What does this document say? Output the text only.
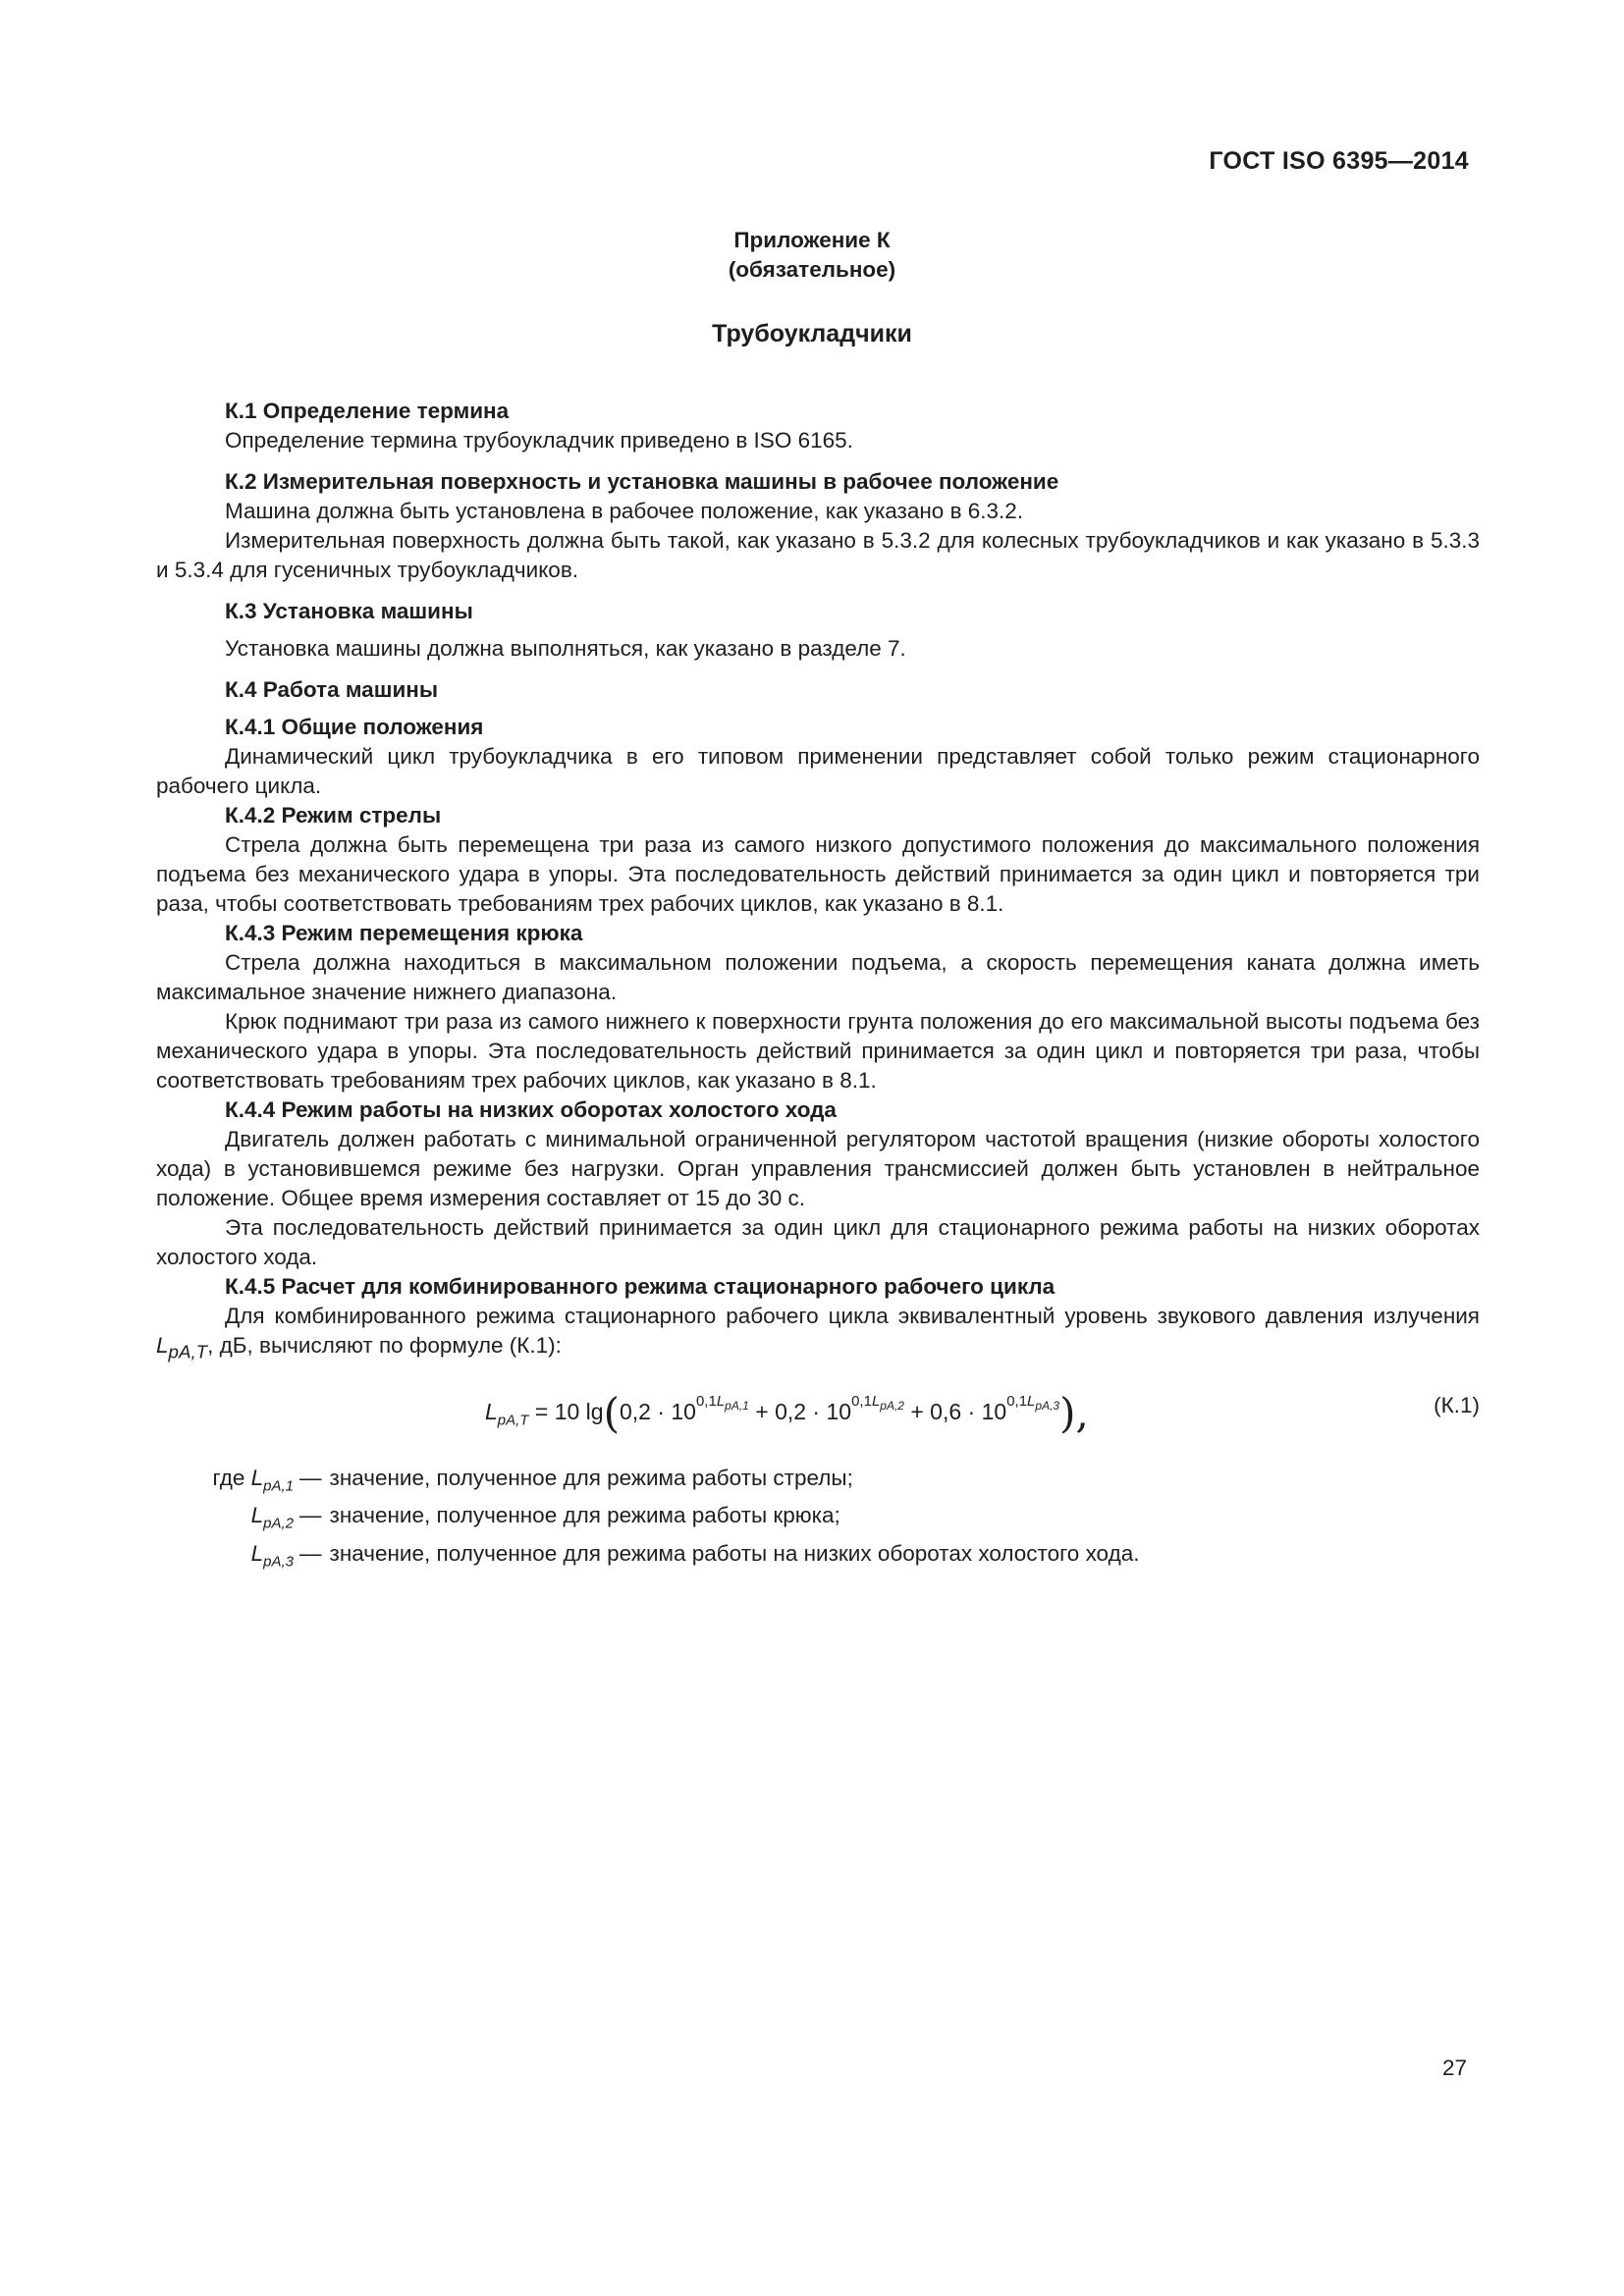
ГОСТ ISO 6395—2014
Приложение К
(обязательное)
Трубоукладчики
К.1 Определение термина

Определение термина трубоукладчик приведено в ISO 6165.

К.2 Измерительная поверхность и установка машины в рабочее положение

Машина должна быть установлена в рабочее положение, как указано в 6.3.2.

Измерительная поверхность должна быть такой, как указано в 5.3.2 для колесных трубоукладчиков и как указано в 5.3.3 и 5.3.4 для гусеничных трубоукладчиков.

К.3 Установка машины

Установка машины должна выполняться, как указано в разделе 7.

К.4 Работа машины
К.4.1 Общие положения

Динамический цикл трубоукладчика в его типовом применении представляет собой только режим стационарного рабочего цикла.

К.4.2 Режим стрелы

Стрела должна быть перемещена три раза из самого низкого допустимого положения до максимального положения подъема без механического удара в упоры. Эта последовательность действий принимается за один цикл и повторяется три раза, чтобы соответствовать требованиям трех рабочих циклов, как указано в 8.1.

К.4.3 Режим перемещения крюка

Стрела должна находиться в максимальном положении подъема, а скорость перемещения каната должна иметь максимальное значение нижнего диапазона.

Крюк поднимают три раза из самого нижнего к поверхности грунта положения до его максимальной высоты подъема без механического удара в упоры. Эта последовательность действий принимается за один цикл и повторяется три раза, чтобы соответствовать требованиям трех рабочих циклов, как указано в 8.1.

К.4.4 Режим работы на низких оборотах холостого хода

Двигатель должен работать с минимальной ограниченной регулятором частотой вращения (низкие обороты холостого хода) в установившемся режиме без нагрузки. Орган управления трансмиссией должен быть установлен в нейтральное положение. Общее время измерения составляет от 15 до 30 с.

Эта последовательность действий принимается за один цикл для стационарного режима работы на низких оборотах холостого хода.

К.4.5 Расчет для комбинированного режима стационарного рабочего цикла

Для комбинированного режима стационарного рабочего цикла эквивалентный уровень звукового давления излучения $L_{pA,T}$, дБ, вычисляют по формуле (К.1):

$L_{pA,T} = 10$ $\lg(0,2 \cdot 10^{0,1L_{pA,1}} + 0,2 \cdot 10^{0,1L_{pA,2}} + 0,6 \cdot 10^{0,1L_{pA,3}})$,	(К.1)
где $L_{pA,1}$ — значение, полученное для режима работы стрелы;
$L_{pA,2}$ — значение, полученное для режима работы крюка;
$L_{pA,3}$ — значение, полученное для режима работы на низких оборотах холостого хода.
27
